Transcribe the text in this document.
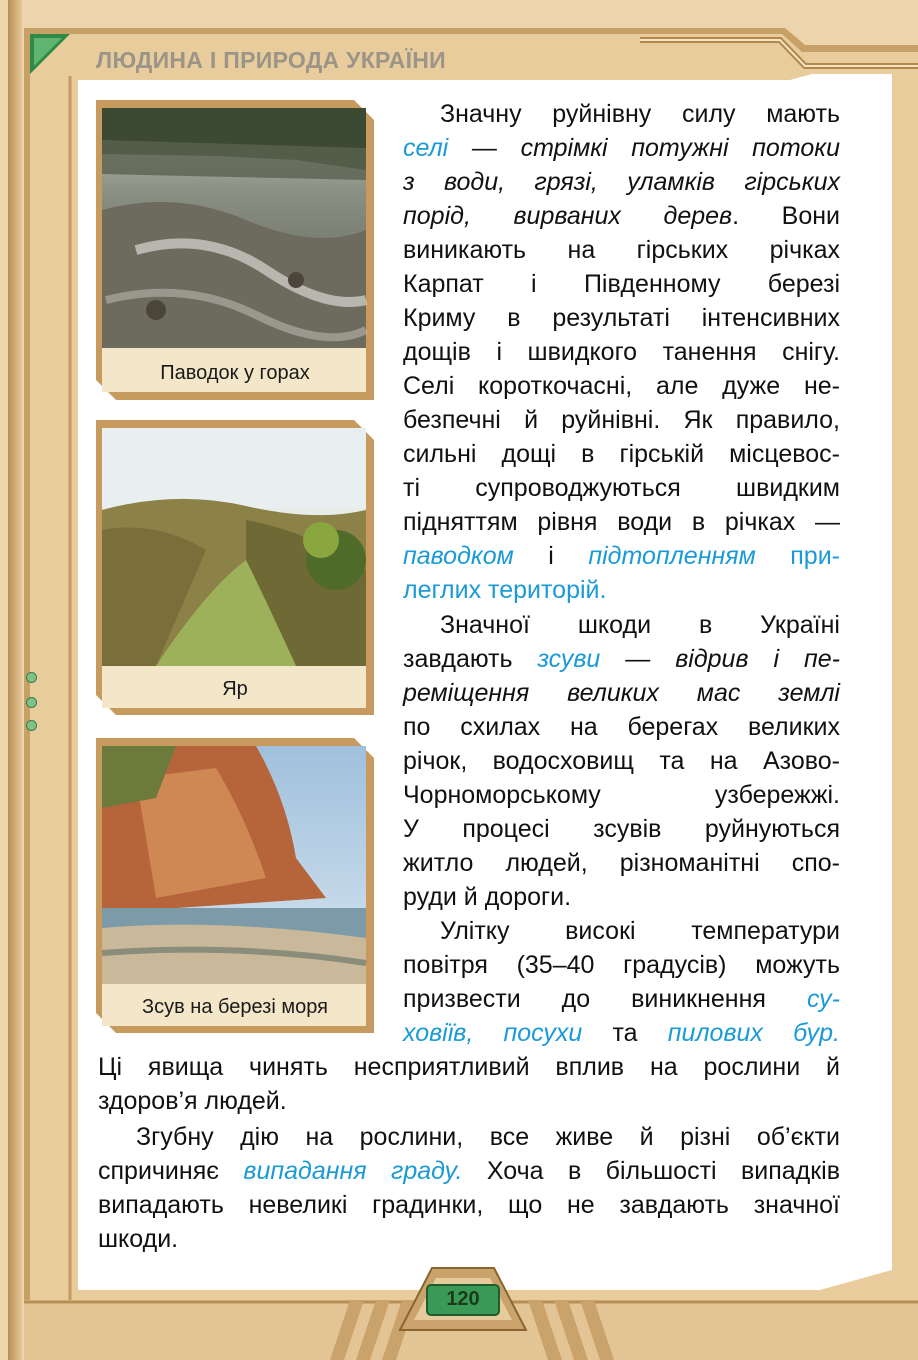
ЛЮДИНА І ПРИРОДА УКРАЇНИ
Паводок у горах
Яр
Зсув на березі моря
Значну руйнівну силу мають
селі — стрімкі потужні потоки
з води, грязі, уламків гірських
порід, вирваних дерев. Вони
виникають на гірських річках
Карпат і Південному березі
Криму в результаті інтенсивних
дощів і швидкого танення снігу.
Селі короткочасні, але дуже не-
безпечні й руйнівні. Як правило,
сильні дощі в гірській місцевос-
ті супроводжуються швидким
підняттям рівня води в річках —
паводком і підтопленням при-
леглих територій.
Значної шкоди в Україні
завдають зсуви — відрив і пе-
реміщення великих мас землі
по схилах на берегах великих
річок, водосховищ та на Азово-
Чорноморському узбережжі.
У процесі зсувів руйнуються
житло людей, різноманітні спо-
руди й дороги.
Улітку високі температури
повітря (35–40 градусів) можуть
призвести до виникнення су-
ховіїв, посухи та пилових бур.
Ці явища чинять несприятливий вплив на рослини й
здоров’я людей.
Згубну дію на рослини, все живе й різні об’єкти
спричиняє випадання граду. Хоча в більшості випадків
випадають невеликі градинки, що не завдають значної
шкоди.
120
